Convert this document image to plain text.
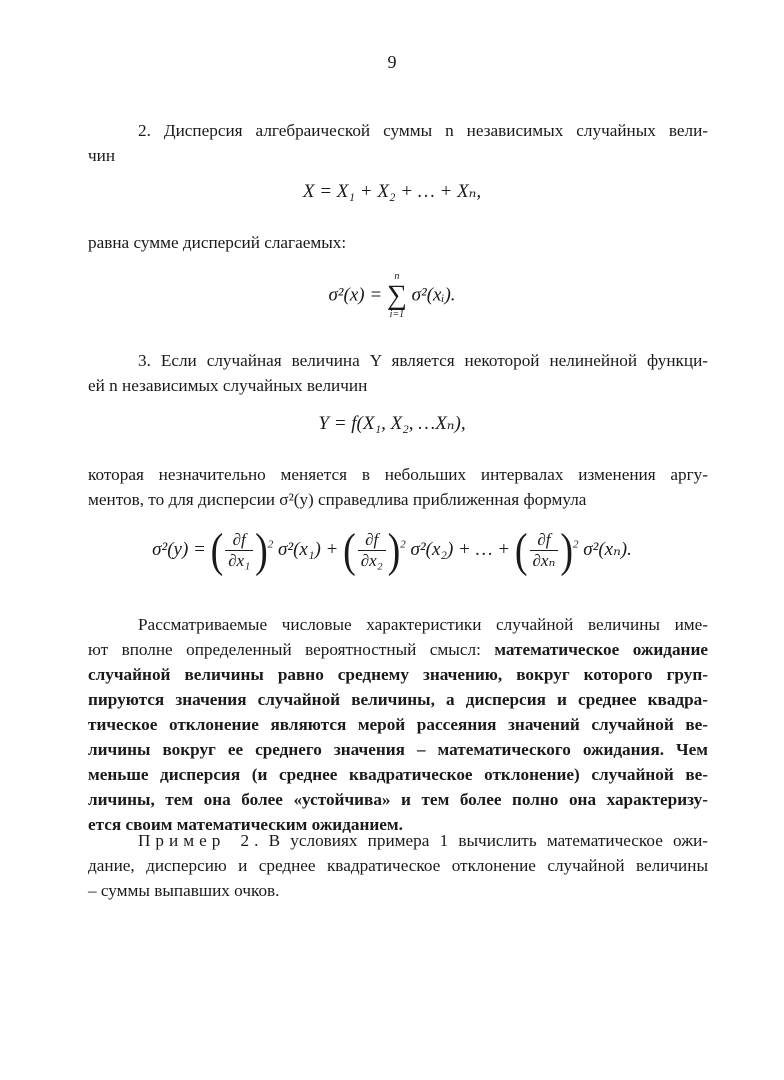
9
2. Дисперсия алгебраической суммы n независимых случайных вели-
чин
X = X₁ + X₂ + … + Xₙ,
равна сумме дисперсий слагаемых:
σ²(x) =
n
∑
i=1
σ²(xᵢ).
3. Если случайная величина Y является некоторой нелинейной функци-
ей n независимых случайных величин
Y = f(X₁, X₂, …Xₙ),
которая незначительно меняется в небольших интервалах изменения аргу-
ментов, то для дисперсии σ²(y) справедлива приближенная формула
σ²(y) = ( $\frac{\partial f}{\text{∂x₁}} )^2$ σ²(x₁) + ( $\frac{\partial f}{\text{∂x₂}} )^2$ σ²(x₂) + … + ( $\frac{\partial f}{\text{∂xₙ}} )^2$ σ²(xₙ).
Рассматриваемые числовые характеристики случайной величины име-
ют вполне определенный вероятностный смысл: математическое ожидание
случайной величины равно среднему значению, вокруг которого груп-
пируются значения случайной величины, а дисперсия и среднее квадра-
тическое отклонение являются мерой рассеяния значений случайной ве-
личины вокруг ее среднего значения – математического ожидания. Чем
меньше дисперсия (и среднее квадратическое отклонение) случайной ве-
личины, тем она более «устойчива» и тем более полно она характеризу-
ется своим математическим ожиданием.
Пример 2. В условиях примера 1 вычислить математическое ожи-
дание, дисперсию и среднее квадратическое отклонение случайной величины
– суммы выпавших очков.
